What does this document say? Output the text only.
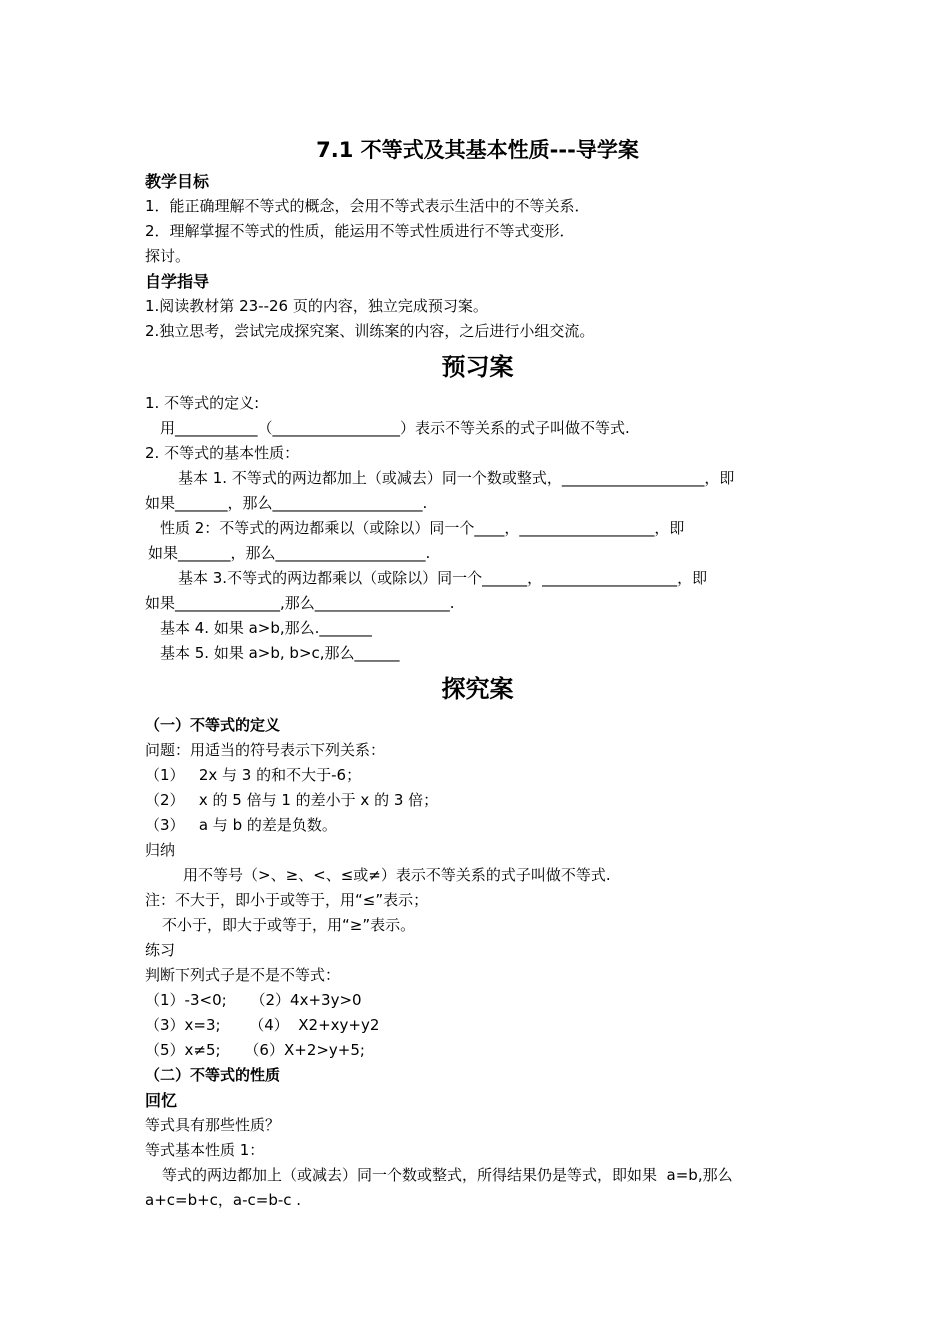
7.1 不等式及其基本性质---导学案
教学目标
1．能正确理解不等式的概念，会用不等式表示生活中的不等关系．
2．理解掌握不等式的性质，能运用不等式性质进行不等式变形．
探讨。
自学指导
1.阅读教材第 23--26 页的内容，独立完成预习案。
2.独立思考，尝试完成探究案、训练案的内容，之后进行小组交流。
预习案
1. 不等式的定义:
用___________（_________________）表示不等关系的式子叫做不等式.
2. 不等式的基本性质：
基本 1. 不等式的两边都加上（或减去）同一个数或整式，___________________，即
如果_______，那么____________________.
性质 2：不等式的两边都乘以（或除以）同一个____，__________________，即
如果_______，那么____________________.
基本 3.不等式的两边都乘以（或除以）同一个______，__________________，即
如果______________,那么__________________.
基本 4. 如果 a>b,那么._______
基本 5. 如果 a>b, b>c,那么______
探究案
（一）不等式的定义
问题：用适当的符号表示下列关系：
（1）   2x 与 3 的和不大于-6；
（2）   x 的 5 倍与 1 的差小于 x 的 3 倍；
（3）   a 与 b 的差是负数。
归纳
用不等号（>、≥、<、≤或≠）表示不等关系的式子叫做不等式.
注：不大于，即小于或等于，用“≤”表示；
不小于，即大于或等于，用“≥”表示。
练习
判断下列式子是不是不等式：
（1）-3<0;     （2）4x+3y>0
（3）x=3;      （4）  X2+xy+y2
（5）x≠5;     （6）X+2>y+5;
（二）不等式的性质
回忆
等式具有那些性质？
等式基本性质 1：
等式的两边都加上（或减去）同一个数或整式，所得结果仍是等式，即如果  a=b,那么
a+c=b+c，a-c=b-c .
